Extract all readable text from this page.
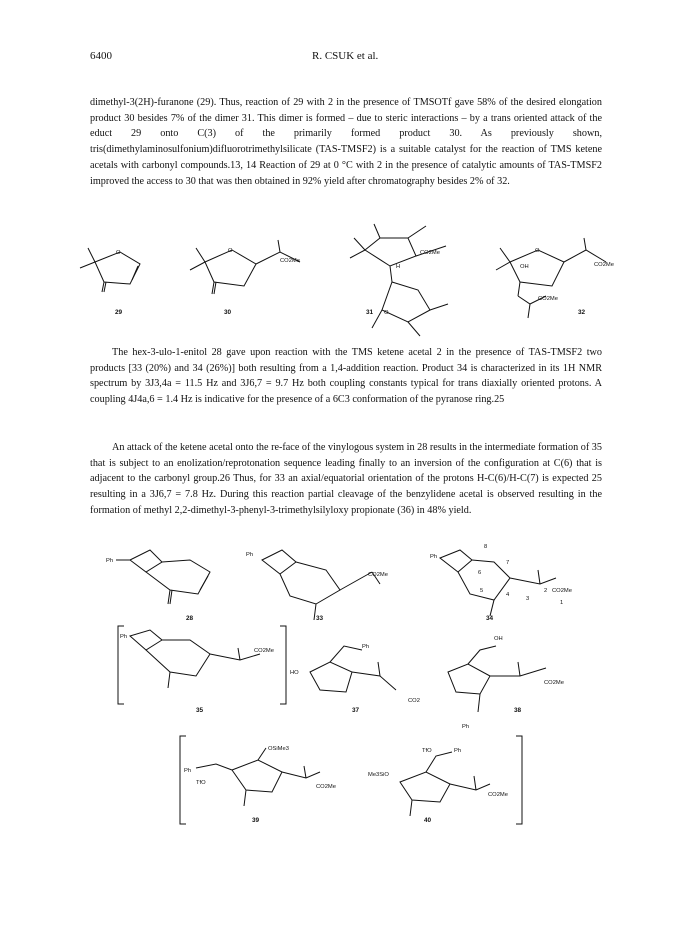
6400	R. CSUK et al.

dimethyl-3(2H)-furanone (29). Thus, reaction of 29 with 2 in the presence of TMSOTf gave 58% of the desired elongation product 30 besides 7% of the dimer 31. This dimer is formed – due to steric interactions – by a trans oriented attack of the educt 29 onto C(3) of the primarily formed product 30. As previously shown, tris(dimethylaminosulfonium)difluorotrimethylsilicate (TAS-TMSF2) is a suitable catalyst for the reaction of TMS ketene acetals with carbonyl compounds.13, 14 Reaction of 29 at 0 °C with 2 in the presence of catalytic amounts of TAS-TMSF2 improved the access to 30 that was then obtained in 92% yield after chromatography besides 2% of 32.

The hex-3-ulo-1-enitol 28 gave upon reaction with the TMS ketene acetal 2 in the presence of TAS-TMSF2 two products [33 (20%) and 34 (26%)] both resulting from a 1,4-addition reaction. Product 34 is characterized in its 1H NMR spectrum by 3J3,4a = 11.5 Hz and 3J6,7 = 9.7 Hz both coupling constants typical for trans diaxially oriented protons. A coupling 4J4a,6 = 1.4 Hz is indicative for the presence of a 6C3 conformation of the pyranose ring.25

An attack of the ketene acetal onto the re-face of the vinylogous system in 28 results in the intermediate formation of 35 that is subject to an enolization/reprotonation sequence leading finally to an inversion of the configuration at C(6) that is adjacent to the carbonyl group.26 Thus, for 33 an axial/equatorial orientation of the protons H-C(6)/H-C(7) is expected 25 resulting in a 3J6,7 = 7.8 Hz. During this reaction partial cleavage of the benzylidene acetal is observed resulting in the formation of methyl 2,2-dimethyl-3-phenyl-3-trimethylsilyloxy propionate (36) in 48% yield.

29	30	31	32
O	O
CO2Me
CO2Me	O
OH	CO2Me
CO2Me
H
O
28	33	34
35	37	38
39	40
Ph
Ph	Ph
Ph
Ph
Ph
Ph
Ph
CO2Me
CO2Me
CO2Me
CO2Me
CO2Me
CO2Me
CO2
HO
OH
OSiMe3
Me3SiO
TfO
TfO
8
7
6
5
4
3
2
1
